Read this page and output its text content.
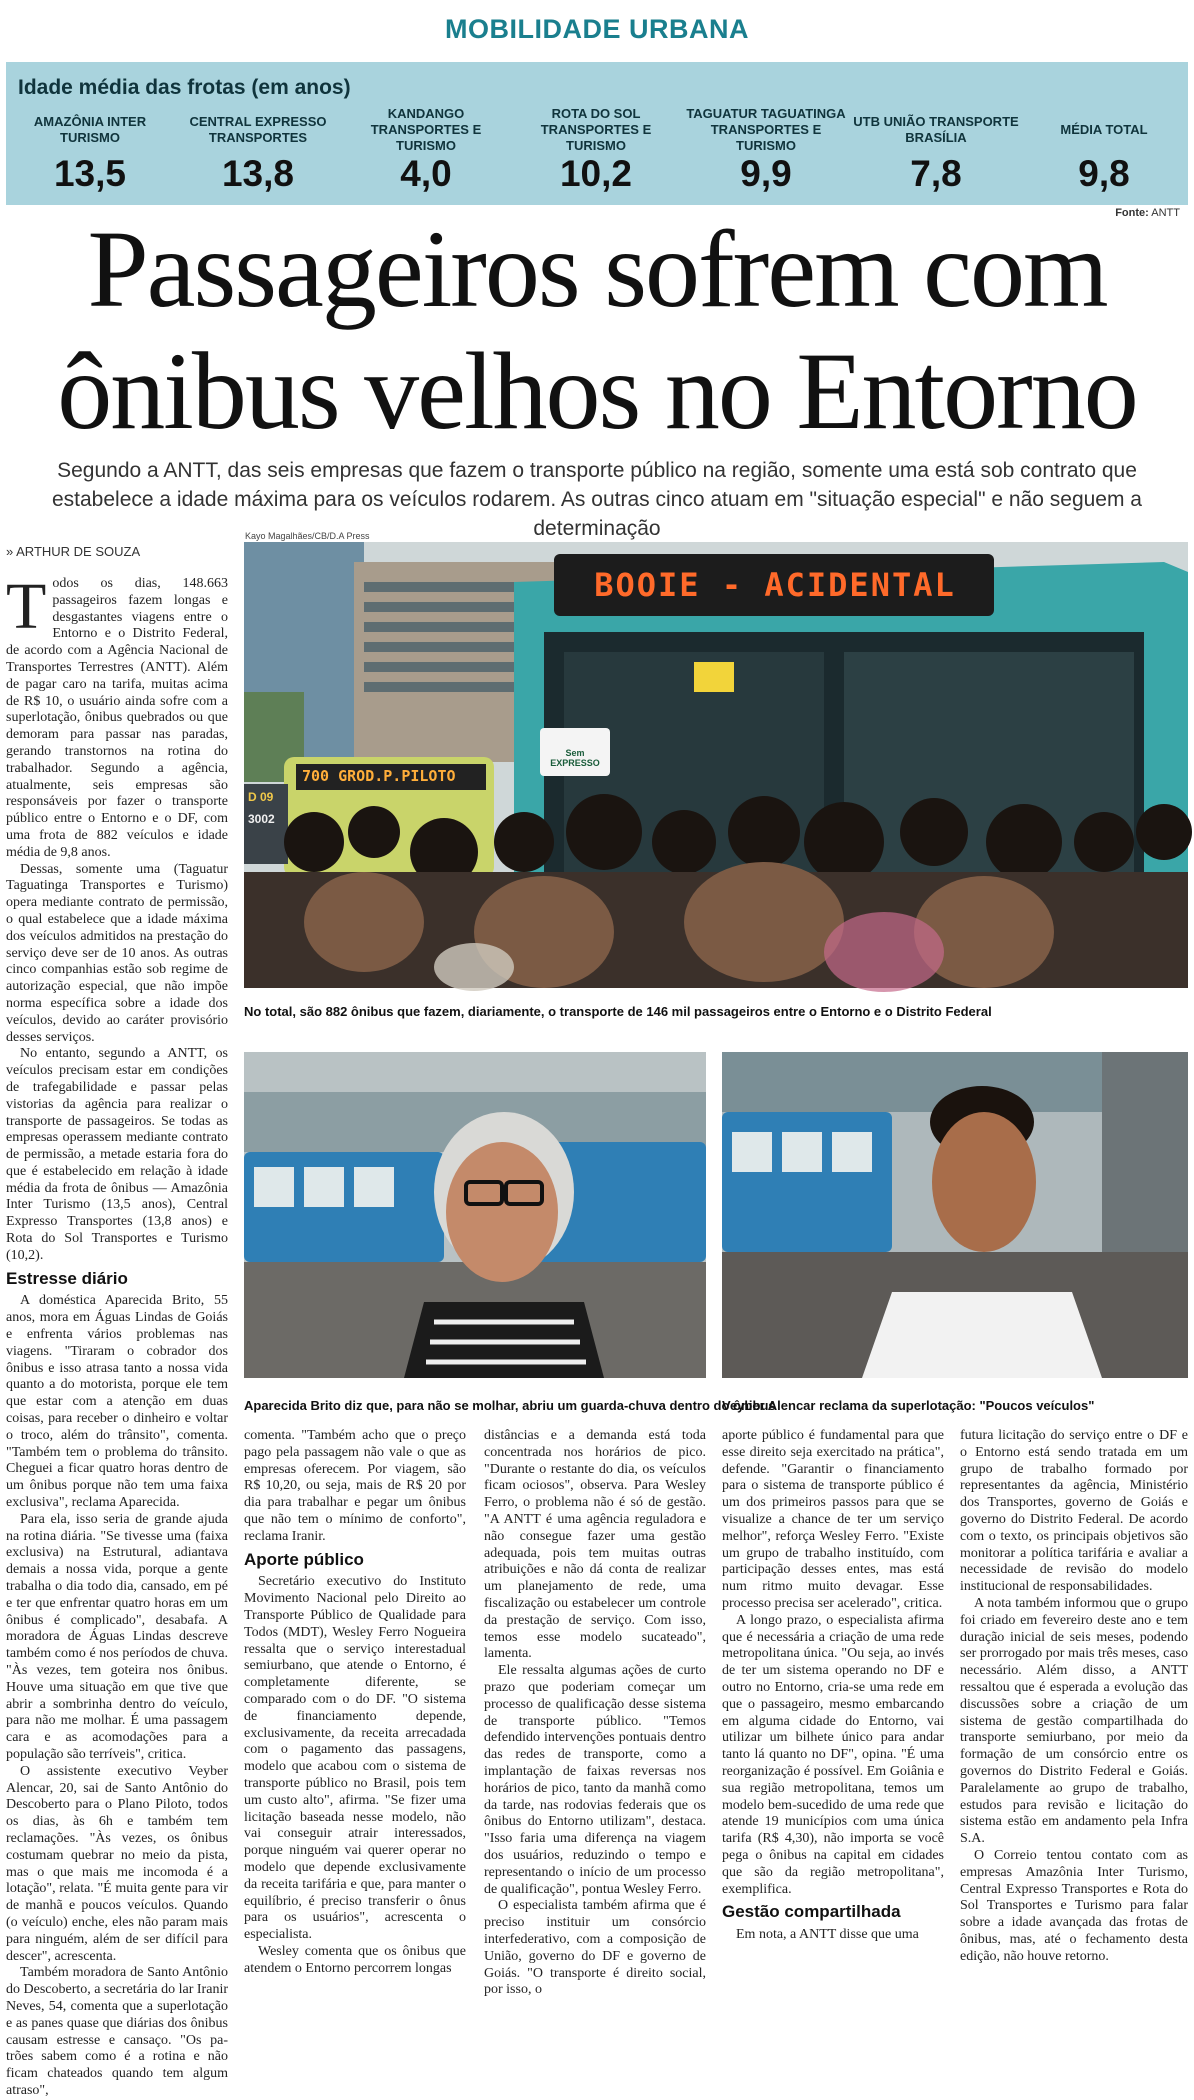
MOBILIDADE URBANA
Idade média das frotas (em anos)
AMAZÔNIA INTER TURISMO
13,5
CENTRAL EXPRESSO TRANSPORTES
13,8
KANDANGO TRANSPORTES E TURISMO
4,0
ROTA DO SOL TRANSPORTES E TURISMO
10,2
TAGUATUR TAGUATINGA TRANSPORTES E TURISMO
9,9
UTB UNIÃO TRANSPORTE BRASÍLIA
7,8
MÉDIA TOTAL
9,8
Fonte: ANTT
Passageiros sofrem com
ônibus velhos no Entorno
Segundo a ANTT, das seis empresas que fazem o transporte público na região, somente uma está sob contrato que estabelece a idade máxima para os veículos rodarem. As outras cinco atuam em "situação especial" e não seguem a determinação
» ARTHUR DE SOUZA
Kayo Magalhães/CB/D.A Press
BOOIE - ACIDENTAL
700 GROD.P.PILOTO
D 09
3002
Sem EXPRESSO
No total, são 882 ônibus que fazem, diariamente, o transporte de 146 mil passageiros entre o Entorno e o Distrito Federal
Aparecida Brito diz que, para não se molhar, abriu um guarda-chuva dentro do ônibus
Veyber Alencar reclama da superlotação: "Poucos veículos"
T odos os dias, 148.663 passageiros fazem longas e desgastantes viagens entre o Entorno e o Distrito Federal, de acordo com a Agência Nacional de Transportes Terrestres (ANTT). Além de pagar caro na tarifa, muitas acima de R$ 10, o usuário ainda sofre com a superlotação, ônibus quebrados ou que demoram para passar nas paradas, gerando transtornos na rotina do trabalhador. Segundo a agência, atualmente, seis empresas são responsáveis por fazer o transporte público entre o Entorno e o DF, com uma frota de 882 veículos e idade média de 9,8 anos.

Dessas, somente uma (Taguatur Taguatinga Transportes e Turismo) opera mediante contrato de permissão, o qual estabelece que a idade máxima dos veículos admitidos na prestação do serviço deve ser de 10 anos. As outras cinco companhias estão sob regime de autorização especial, que não impõe norma específica sobre a idade dos veículos, devido ao caráter provisório desses serviços.

No entanto, segundo a ANTT, os veículos precisam estar em condições de trafegabilidade e passar pelas vistorias da agência para realizar o transporte de passageiros. Se todas as empresas operassem mediante contrato de permissão, a metade estaria fora do que é estabelecido em relação à idade média da frota de ônibus — Amazônia Inter Turismo (13,5 anos), Central Expresso Transportes (13,8 anos) e Rota do Sol Transportes e Turismo (10,2).

Estresse diário

A doméstica Aparecida Brito, 55 anos, mora em Águas Lindas de Goiás e enfrenta vários problemas nas viagens. "Tiraram o cobrador dos ônibus e isso atrasa tanto a nossa vida quanto a do motorista, porque ele tem que estar com a atenção em duas coisas, para receber o dinheiro e voltar o troco, além do trânsito", comenta. "Também tem o problema do trânsito. Cheguei a ficar quatro horas dentro de um ônibus porque não tem uma faixa exclusiva", reclama Aparecida.

Para ela, isso seria de grande ajuda na rotina diária. "Se tivesse uma (faixa exclusiva) na Estrutural, adiantava demais a nossa vida, porque a gente trabalha o dia todo dia, cansado, em pé e ter que enfrentar quatro horas em um ônibus é complicado", desabafa. A moradora de Águas Lindas descreve também como é nos períodos de chuva. "Às vezes, tem goteira nos ônibus. Houve uma situação em que tive que abrir a sombrinha dentro do veículo, para não me molhar. É uma passagem cara e as acomodações para a população são terríveis", critica.

O assistente executivo Veyber Alencar, 20, sai de Santo Antônio do Descoberto para o Plano Piloto, todos os dias, às 6h e também tem reclamações. "Às vezes, os ônibus costumam quebrar no meio da pista, mas o que mais me incomoda é a lotação", relata. "É muita gente para vir de manhã e poucos veículos. Quando (o veículo) enche, eles não param mais para ninguém, além de ser difícil para descer", acrescenta.

Também moradora de Santo Antônio do Descoberto, a secretária do lar Iranir Neves, 54, comenta que a superlotação e as panes quase que diárias dos ônibus causam estresse e cansaço. "Os pa- trões sabem como é a rotina e não ficam chateados quando tem algum atraso",

comenta. "Também acho que o preço pago pela passagem não vale o que as empresas oferecem. Por viagem, são R$ 10,20, ou seja, mais de R$ 20 por dia para trabalhar e pegar um ônibus que não tem o mínimo de conforto", reclama Iranir.

Aporte público

Secretário executivo do Instituto Movimento Nacional pelo Direito ao Transporte Público de Qualidade para Todos (MDT), Wesley Ferro Nogueira ressalta que o serviço interestadual semiurbano, que atende o Entorno, é completamente diferente, se comparado com o do DF. "O sistema de financiamento depende, exclusivamente, da receita arrecadada com o pagamento das passagens, modelo que acabou com o sistema de transporte público no Brasil, pois tem um custo alto", afirma. "Se fizer uma licitação baseada nesse modelo, não vai conseguir atrair interessados, porque ninguém vai querer operar no modelo que depende exclusivamente da receita tarifária e que, para manter o equilíbrio, é preciso transferir o ônus para os usuários", acrescenta o especialista.

Wesley comenta que os ônibus que atendem o Entorno percorrem longas

distâncias e a demanda está toda concentrada nos horários de pico. "Durante o restante do dia, os veículos ficam ociosos", observa. Para Wesley Ferro, o problema não é só de gestão. "A ANTT é uma agência reguladora e não consegue fazer uma gestão adequada, pois tem muitas outras atribuições e não dá conta de realizar um planejamento de rede, uma fiscalização ou estabelecer um controle da prestação de serviço. Com isso, temos esse modelo sucateado", lamenta.

Ele ressalta algumas ações de curto prazo que poderiam começar um processo de qualificação desse sistema de transporte público. "Temos defendido intervenções pontuais dentro das redes de transporte, como a implantação de faixas reversas nos horários de pico, tanto da manhã como da tarde, nas rodovias federais que os ônibus do Entorno utilizam", destaca. "Isso faria uma diferença na viagem dos usuários, reduzindo o tempo e representando o início de um processo de qualificação", pontua Wesley Ferro.

O especialista também afirma que é preciso instituir um consórcio interfederativo, com a composição de União, governo do DF e governo de Goiás. "O transporte é direito social, por isso, o

aporte público é fundamental para que esse direito seja exercitado na prática", defende. "Garantir o financiamento para o sistema de transporte público é um dos primeiros passos para que se visualize a chance de ter um serviço melhor", reforça Wesley Ferro. "Existe um grupo de trabalho instituído, com participação desses entes, mas está num ritmo muito devagar. Esse processo precisa ser acelerado", critica.

A longo prazo, o especialista afirma que é necessária a criação de uma rede metropolitana única. "Ou seja, ao invés de ter um sistema operando no DF e outro no Entorno, cria-se uma rede em que o passageiro, mesmo embarcando em alguma cidade do Entorno, vai utilizar um bilhete único para andar tanto lá quanto no DF", opina. "É uma reorganização é possível. Em Goiânia e sua região metropolitana, temos um modelo bem-sucedido de uma rede que atende 19 municípios com uma única tarifa (R$ 4,30), não importa se você pega o ônibus na capital em cidades que são da região metropolitana", exemplifica.

Gestão compartilhada

Em nota, a ANTT disse que uma

futura licitação do serviço entre o DF e o Entorno está sendo tratada em um grupo de trabalho formado por representantes da agência, Ministério dos Transportes, governo de Goiás e governo do Distrito Federal. De acordo com o texto, os principais objetivos são monitorar a política tarifária e avaliar a necessidade de revisão do modelo institucional de responsabilidades.

A nota também informou que o grupo foi criado em fevereiro deste ano e tem duração inicial de seis meses, podendo ser prorrogado por mais três meses, caso necessário. Além disso, a ANTT ressaltou que é esperada a evolução das discussões sobre a criação de um sistema de gestão compartilhada do transporte semiurbano, por meio da formação de um consórcio entre os governos do Distrito Federal e Goiás. Paralelamente ao grupo de trabalho, estudos para revisão e licitação do sistema estão em andamento pela Infra S.A.

O Correio tentou contato com as empresas Amazônia Inter Turismo, Central Expresso Transportes e Rota do Sol Transportes e Turismo para falar sobre a idade avançada das frotas de ônibus, mas, até o fechamento desta edição, não houve retorno.
